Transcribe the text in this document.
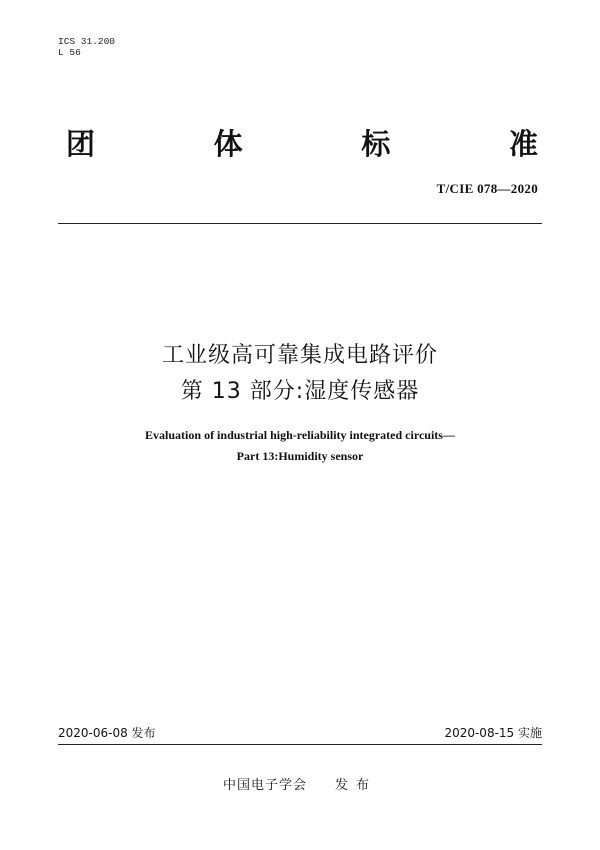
ICS 31.200
L 56
团	体	标	准
T/CIE 078—2020
工业级高可靠集成电路评价
第 13 部分:湿度传感器
Evaluation of industrial high-reliability integrated circuits—
Part 13:Humidity sensor
2020-06-08 发布	2020-08-15 实施
中国电子学会 发布
